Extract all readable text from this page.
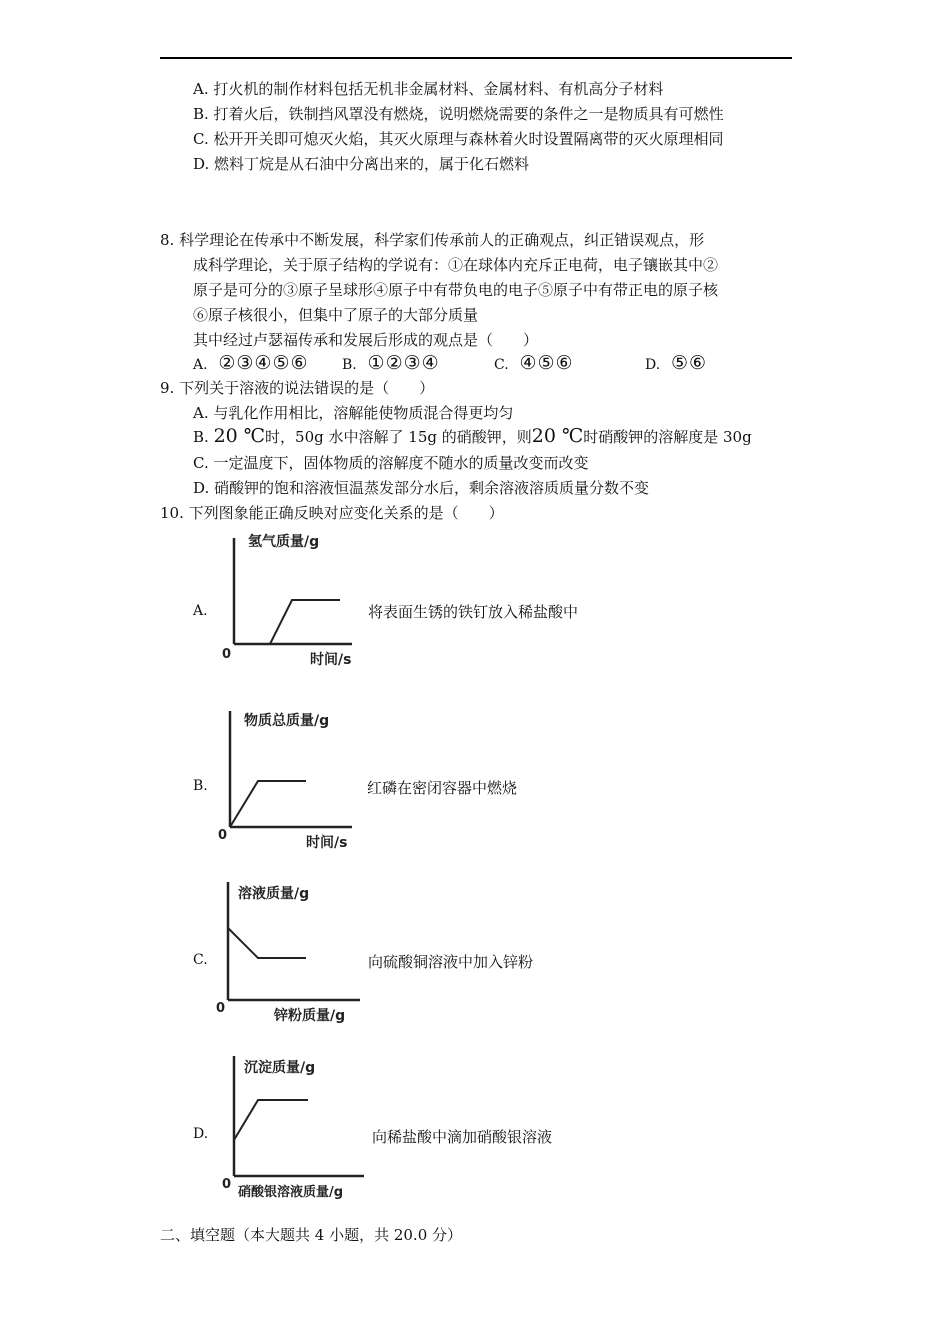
A. 打火机的制作材料包括无机非金属材料、金属材料、有机高分子材料
B. 打着火后，铁制挡风罩没有燃烧，说明燃烧需要的条件之一是物质具有可燃性
C. 松开开关即可熄灭火焰，其灭火原理与森林着火时设置隔离带的灭火原理相同
D. 燃料丁烷是从石油中分离出来的，属于化石燃料
8. 科学理论在传承中不断发展，科学家们传承前人的正确观点，纠正错误观点，形
成科学理论，关于原子结构的学说有：①在球体内充斥正电荷，电子镶嵌其中②
原子是可分的③原子呈球形④原子中有带负电的电子⑤原子中有带正电的原子核
⑥原子核很小，但集中了原子的大部分质量
其中经过卢瑟福传承和发展后形成的观点是（　　）
A. ②③④⑤⑥ B. ①②③④	C. ④⑤⑥	D. ⑤⑥
9. 下列关于溶液的说法错误的是（　　）
A. 与乳化作用相比，溶解能使物质混合得更均匀
B. 20 ℃时，50g 水中溶解了 15g 的硝酸钾，则20 ℃时硝酸钾的溶解度是 30g
C. 一定温度下，固体物质的溶解度不随水的质量改变而改变
D. 硝酸钾的饱和溶液恒温蒸发部分水后，剩余溶液溶质质量分数不变
10. 下列图象能正确反映对应变化关系的是（　　）
A.
氢气质量/g
时间/s
0
将表面生锈的铁钉放入稀盐酸中
B.
物质总质量/g
时间/s
0
红磷在密闭容器中燃烧
C.
溶液质量/g
锌粉质量/g
0
向硫酸铜溶液中加入锌粉
D.
沉淀质量/g
硝酸银溶液质量/g
0
向稀盐酸中滴加硝酸银溶液
二、填空题（本大题共 4 小题，共 20.0 分）
